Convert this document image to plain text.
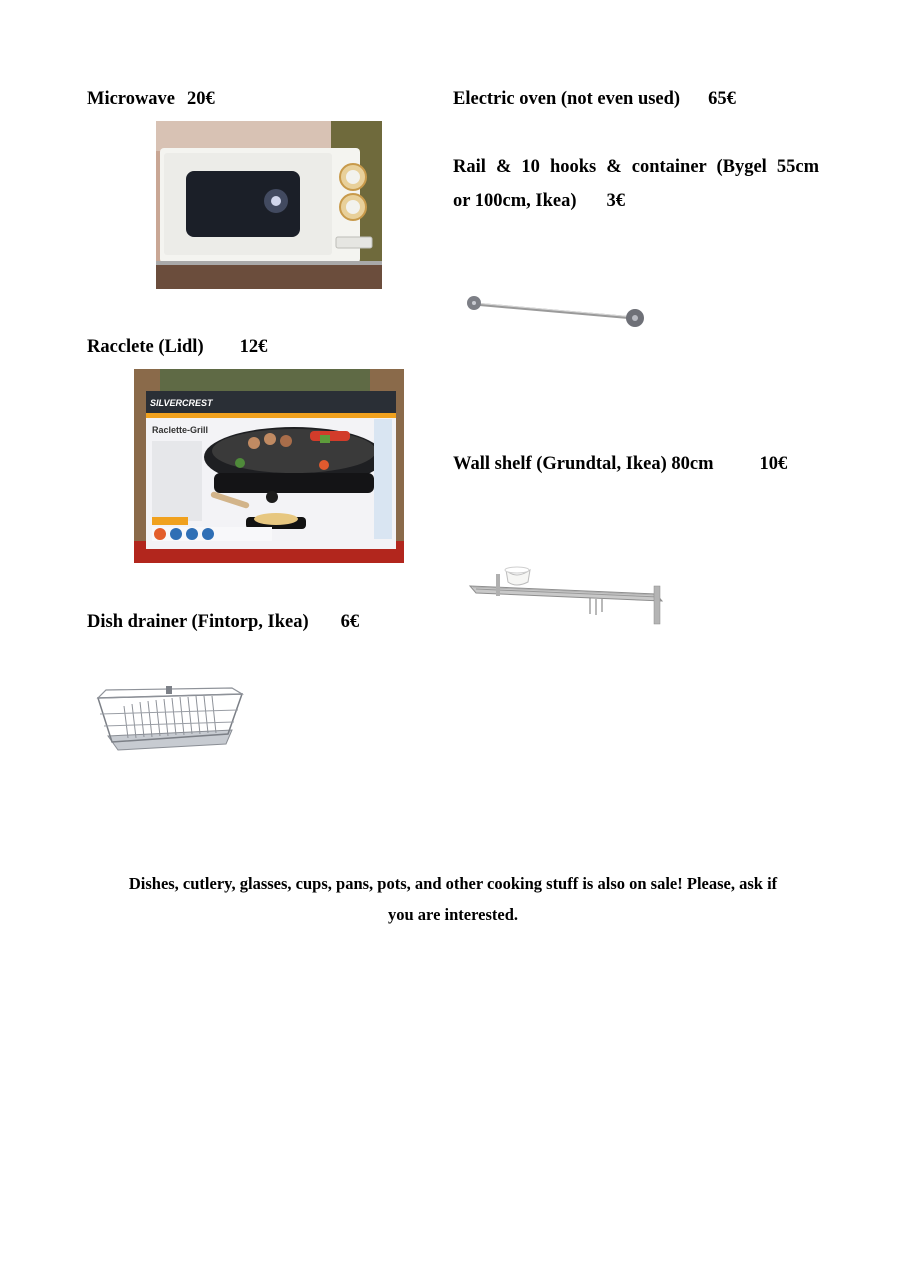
Microwave 20€	Electric oven (not even used) 65€
Rail & 10 hooks & container (Bygel 55cm
or 100cm, Ikea) 3€
Racclete (Lidl) 12€
SILVERCREST
Raclette-Grill
Wall shelf (Grundtal, Ikea) 80cm 10€
Dish drainer (Fintorp, Ikea) 6€
Dishes, cutlery, glasses, cups, pans, pots, and other cooking stuff is also on sale! Please, ask if
you are interested.
